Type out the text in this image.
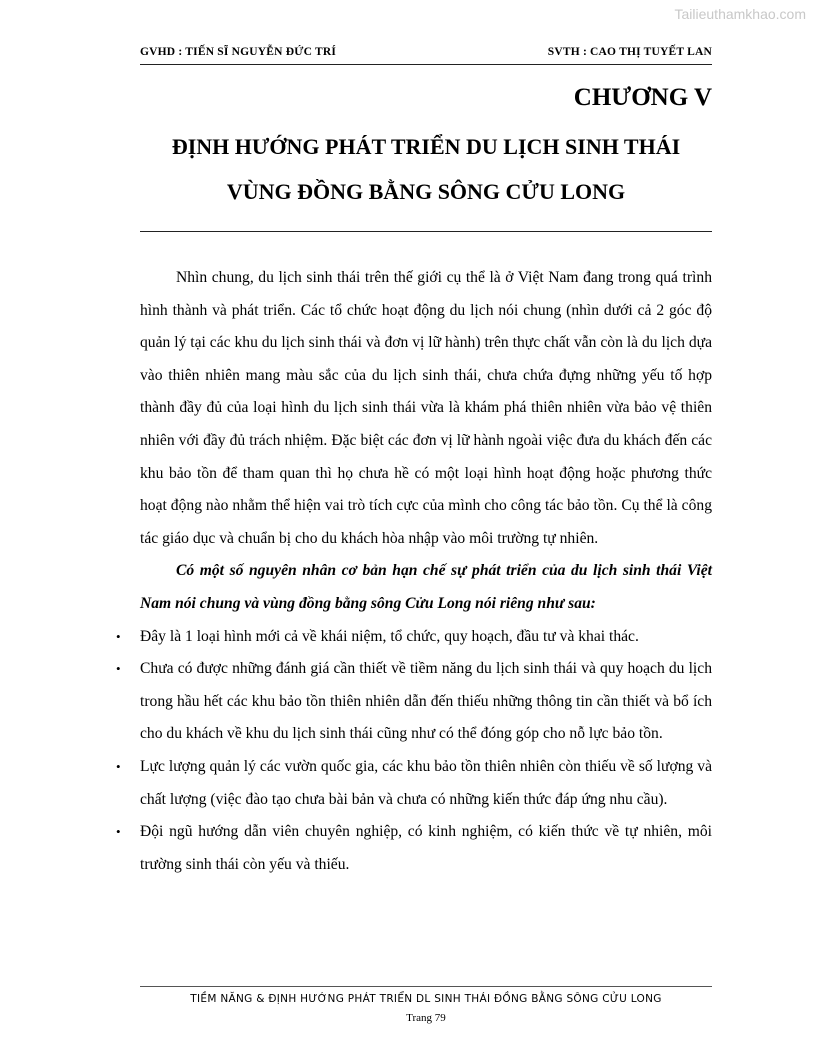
Tailieuthamkhao.com
GVHD : TIẾN SĨ NGUYỄN ĐỨC TRÍ	SVTH : CAO THỊ TUYẾT LAN
CHƯƠNG V
ĐỊNH HƯỚNG PHÁT TRIỂN DU LỊCH SINH THÁI
VÙNG ĐỒNG BẰNG SÔNG CỬU LONG

Nhìn chung, du lịch sinh thái trên thế giới cụ thể là ở Việt Nam đang trong quá trình hình thành và phát triển. Các tổ chức hoạt động du lịch nói chung (nhìn dưới cả 2 góc độ quản lý tại các khu du lịch sinh thái và đơn vị lữ hành) trên thực chất vẫn còn là du lịch dựa vào thiên nhiên mang màu sắc của du lịch sinh thái, chưa chứa đựng những yếu tố hợp thành đầy đủ của loại hình du lịch sinh thái vừa là khám phá thiên nhiên vừa bảo vệ thiên nhiên với đầy đủ trách nhiệm. Đặc biệt các đơn vị lữ hành ngoài việc đưa du khách đến các khu bảo tồn để tham quan thì họ chưa hề có một loại hình hoạt động hoặc phương thức hoạt động nào nhằm thể hiện vai trò tích cực của mình cho công tác bảo tồn. Cụ thể là công tác giáo dục và chuẩn bị cho du khách hòa nhập vào môi trường tự nhiên.

Có một số nguyên nhân cơ bản hạn chế sự phát triển của du lịch sinh thái Việt Nam nói chung và vùng đồng bằng sông Cửu Long nói riêng như sau:

• Đây là 1 loại hình mới cả về khái niệm, tổ chức, quy hoạch, đầu tư và khai thác.
• Chưa có được những đánh giá cần thiết về tiềm năng du lịch sinh thái và quy hoạch du lịch trong hầu hết các khu bảo tồn thiên nhiên dẫn đến thiếu những thông tin cần thiết và bổ ích cho du khách về khu du lịch sinh thái cũng như có thể đóng góp cho nỗ lực bảo tồn.
• Lực lượng quản lý các vườn quốc gia, các khu bảo tồn thiên nhiên còn thiếu về số lượng và chất lượng (việc đào tạo chưa bài bản và chưa có những kiến thức đáp ứng nhu cầu).
• Đội ngũ hướng dẫn viên chuyên nghiệp, có kinh nghiệm, có kiến thức về tự nhiên, môi trường sinh thái còn yếu và thiếu.
TIỀM NĂNG & ĐỊNH HƯỚNG PHÁT TRIỂN DL SINH THÁI ĐỒNG BẰNG SÔNG CỬU LONG
Trang 79
